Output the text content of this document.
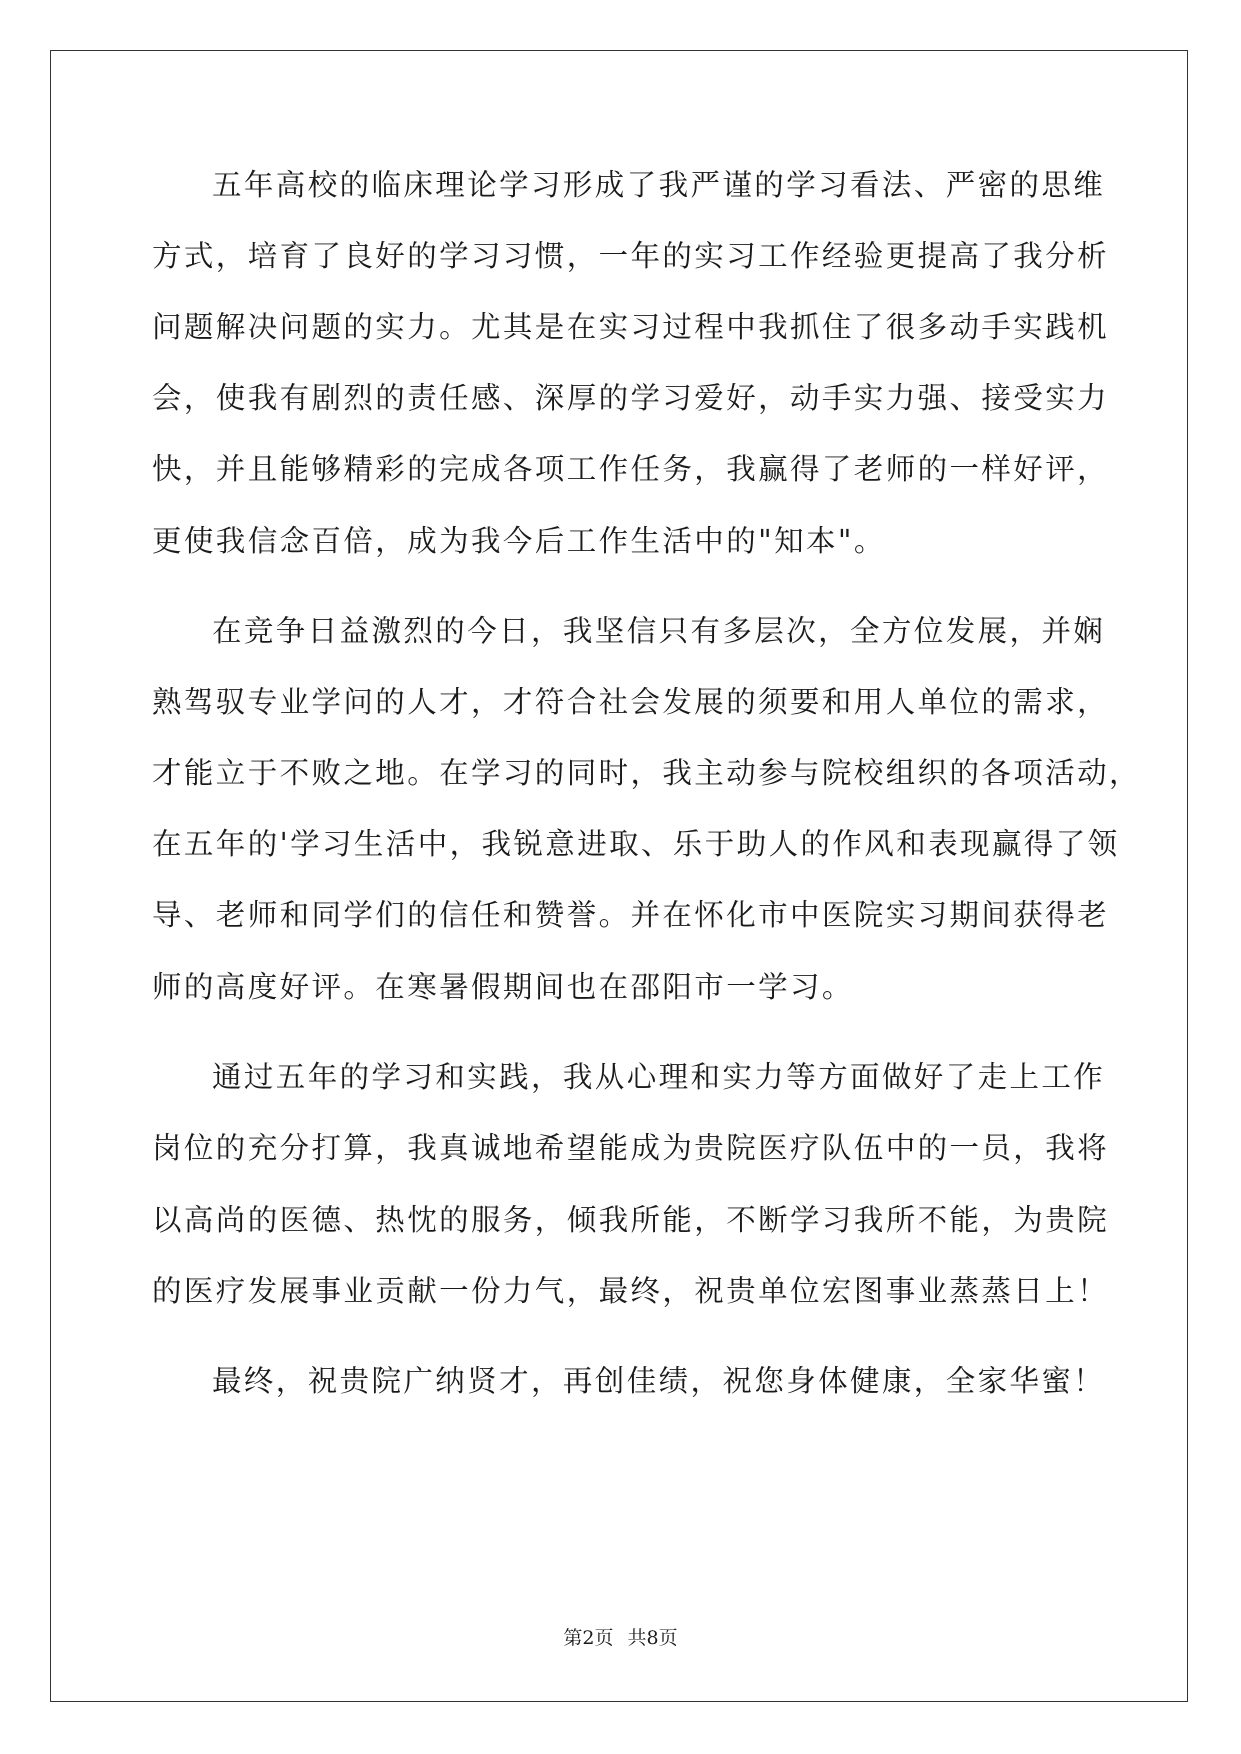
五年高校的临床理论学习形成了我严谨的学习看法、严密的思维
方式，培育了良好的学习习惯，一年的实习工作经验更提高了我分析
问题解决问题的实力。尤其是在实习过程中我抓住了很多动手实践机
会，使我有剧烈的责任感、深厚的学习爱好，动手实力强、接受实力
快，并且能够精彩的完成各项工作任务，我赢得了老师的一样好评，
更使我信念百倍，成为我今后工作生活中的"知本"。
在竞争日益激烈的今日，我坚信只有多层次，全方位发展，并娴
熟驾驭专业学问的人才，才符合社会发展的须要和用人单位的需求，
才能立于不败之地。在学习的同时，我主动参与院校组织的各项活动，
在五年的'学习生活中，我锐意进取、乐于助人的作风和表现赢得了领
导、老师和同学们的信任和赞誉。并在怀化市中医院实习期间获得老
师的高度好评。在寒暑假期间也在邵阳市一学习。
通过五年的学习和实践，我从心理和实力等方面做好了走上工作
岗位的充分打算，我真诚地希望能成为贵院医疗队伍中的一员，我将
以高尚的医德、热忱的服务，倾我所能，不断学习我所不能，为贵院
的医疗发展事业贡献一份力气，最终，祝贵单位宏图事业蒸蒸日上！
最终，祝贵院广纳贤才，再创佳绩，祝您身体健康，全家华蜜！
第2页 共8页
